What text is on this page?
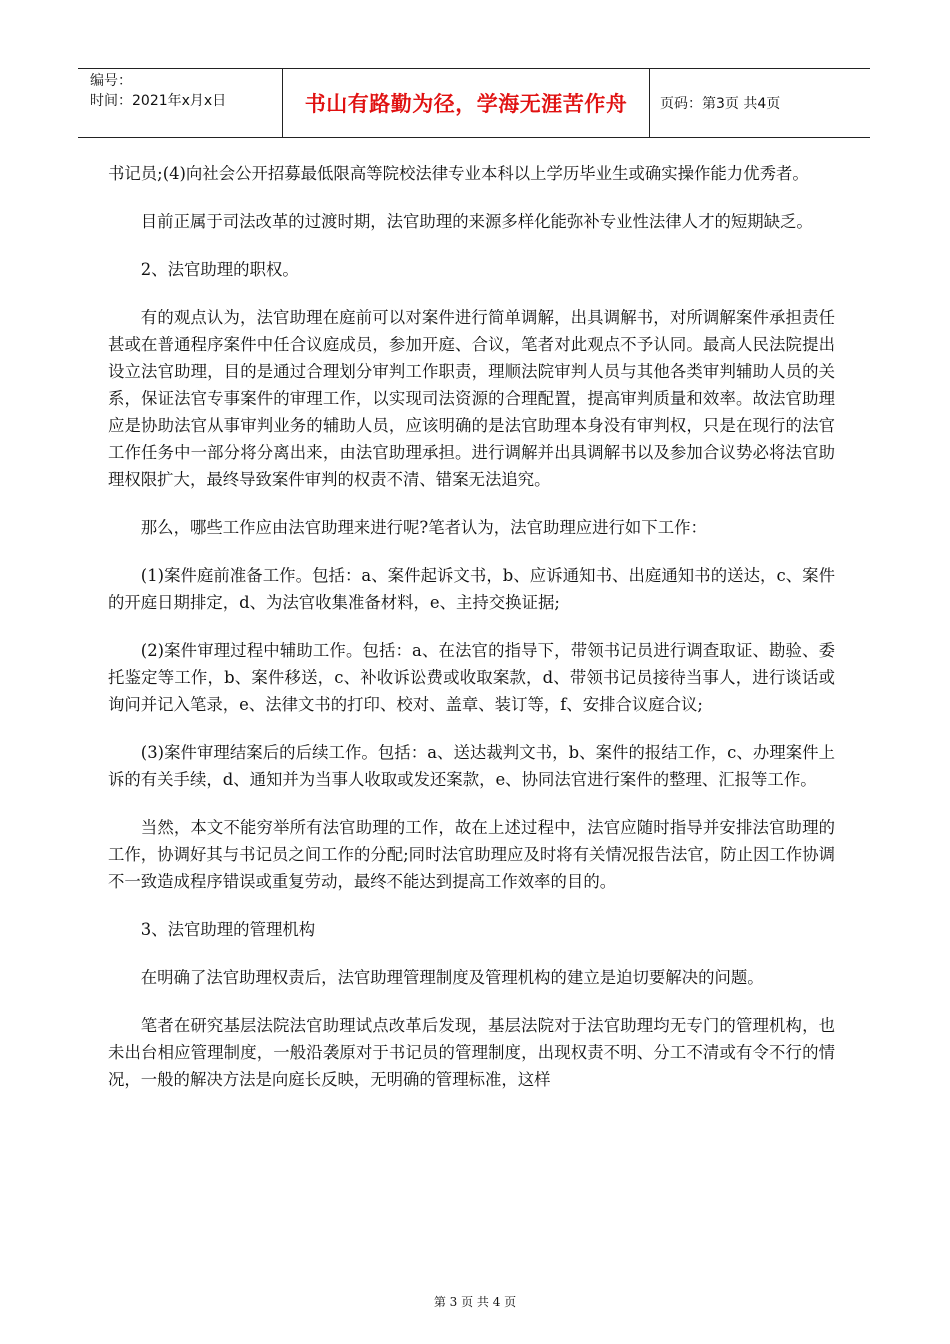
编号：
时间：2021年x月x日	书山有路勤为径，学海无涯苦作舟	页码：第3页 共4页

书记员;(4)向社会公开招募最低限高等院校法律专业本科以上学历毕业生或确实操作能力优秀者。

目前正属于司法改革的过渡时期，法官助理的来源多样化能弥补专业性法律人才的短期缺乏。

2、法官助理的职权。

有的观点认为，法官助理在庭前可以对案件进行简单调解，出具调解书，对所调解案件承担责任甚或在普通程序案件中任合议庭成员，参加开庭、合议，笔者对此观点不予认同。最高人民法院提出设立法官助理，目的是通过合理划分审判工作职责，理顺法院审判人员与其他各类审判辅助人员的关系，保证法官专事案件的审理工作，以实现司法资源的合理配置，提高审判质量和效率。故法官助理应是协助法官从事审判业务的辅助人员，应该明确的是法官助理本身没有审判权，只是在现行的法官工作任务中一部分将分离出来，由法官助理承担。进行调解并出具调解书以及参加合议势必将法官助理权限扩大，最终导致案件审判的权责不清、错案无法追究。

那么，哪些工作应由法官助理来进行呢?笔者认为，法官助理应进行如下工作：

(1)案件庭前准备工作。包括：a、案件起诉文书，b、应诉通知书、出庭通知书的送达，c、案件的开庭日期排定，d、为法官收集准备材料，e、主持交换证据;

(2)案件审理过程中辅助工作。包括：a、在法官的指导下，带领书记员进行调查取证、勘验、委托鉴定等工作，b、案件移送，c、补收诉讼费或收取案款，d、带领书记员接待当事人，进行谈话或询问并记入笔录，e、法律文书的打印、校对、盖章、装订等，f、安排合议庭合议;

(3)案件审理结案后的后续工作。包括：a、送达裁判文书，b、案件的报结工作，c、办理案件上诉的有关手续，d、通知并为当事人收取或发还案款，e、协同法官进行案件的整理、汇报等工作。

当然，本文不能穷举所有法官助理的工作，故在上述过程中，法官应随时指导并安排法官助理的工作，协调好其与书记员之间工作的分配;同时法官助理应及时将有关情况报告法官，防止因工作协调不一致造成程序错误或重复劳动，最终不能达到提高工作效率的目的。

3、法官助理的管理机构

在明确了法官助理权责后，法官助理管理制度及管理机构的建立是迫切要解决的问题。

笔者在研究基层法院法官助理试点改革后发现，基层法院对于法官助理均无专门的管理机构，也未出台相应管理制度，一般沿袭原对于书记员的管理制度，出现权责不明、分工不清或有令不行的情况，一般的解决方法是向庭长反映，无明确的管理标准，这样

第 3 页 共 4 页
